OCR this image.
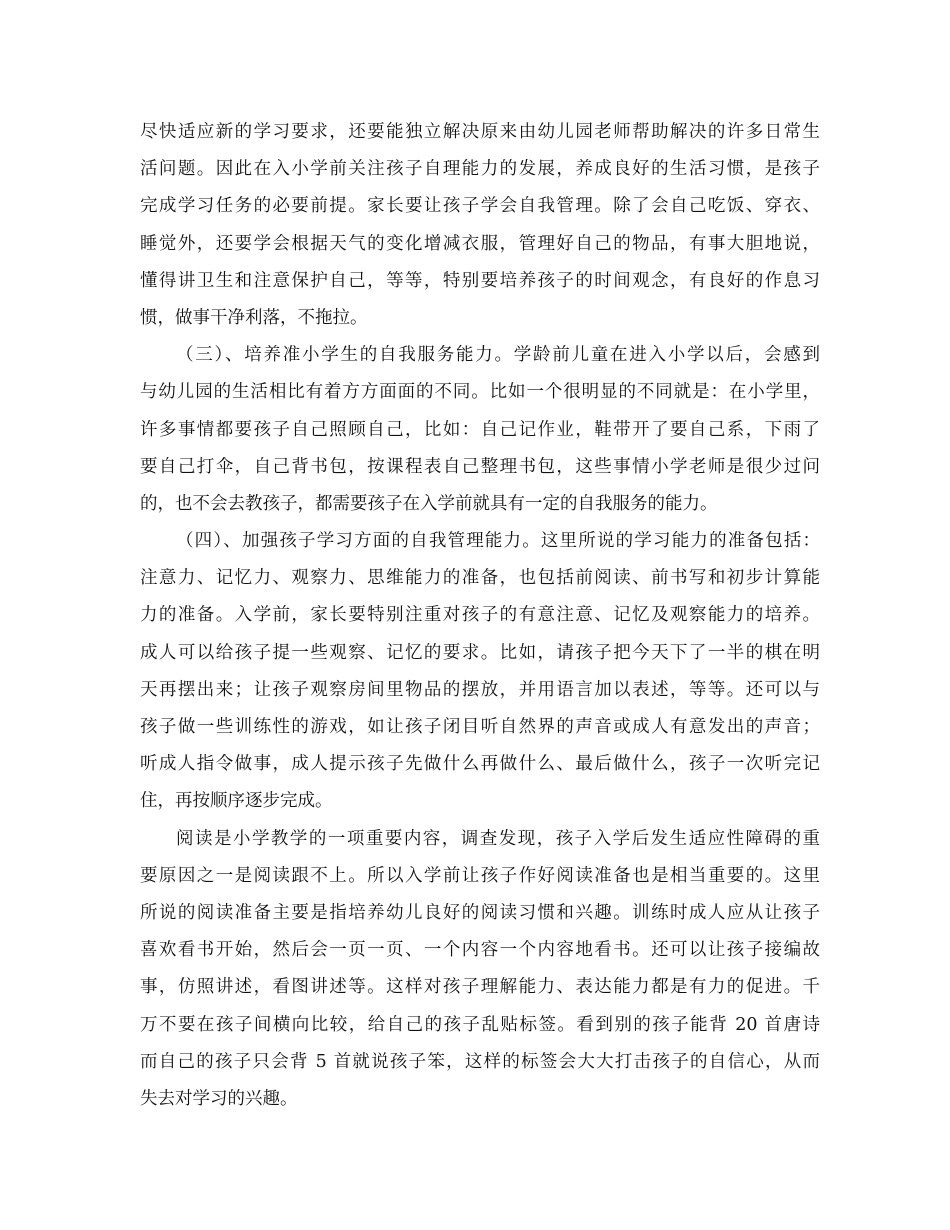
尽快适应新的学习要求，还要能独立解决原来由幼儿园老师帮助解决的许多日常生
活问题。因此在入小学前关注孩子自理能力的发展，养成良好的生活习惯，是孩子
完成学习任务的必要前提。家长要让孩子学会自我管理。除了会自己吃饭、穿衣、
睡觉外，还要学会根据天气的变化增减衣服，管理好自己的物品，有事大胆地说，
懂得讲卫生和注意保护自己，等等，特别要培养孩子的时间观念，有良好的作息习
惯，做事干净利落，不拖拉。
（三）、培养准小学生的自我服务能力。学龄前儿童在进入小学以后，会感到
与幼儿园的生活相比有着方方面面的不同。比如一个很明显的不同就是：在小学里，
许多事情都要孩子自己照顾自己，比如：自己记作业，鞋带开了要自己系，下雨了
要自己打伞，自己背书包，按课程表自己整理书包，这些事情小学老师是很少过问
的，也不会去教孩子，都需要孩子在入学前就具有一定的自我服务的能力。
（四）、加强孩子学习方面的自我管理能力。这里所说的学习能力的准备包括：
注意力、记忆力、观察力、思维能力的准备，也包括前阅读、前书写和初步计算能
力的准备。入学前，家长要特别注重对孩子的有意注意、记忆及观察能力的培养。
成人可以给孩子提一些观察、记忆的要求。比如，请孩子把今天下了一半的棋在明
天再摆出来；让孩子观察房间里物品的摆放，并用语言加以表述，等等。还可以与
孩子做一些训练性的游戏，如让孩子闭目听自然界的声音或成人有意发出的声音；
听成人指令做事，成人提示孩子先做什么再做什么、最后做什么，孩子一次听完记
住，再按顺序逐步完成。
阅读是小学教学的一项重要内容，调查发现，孩子入学后发生适应性障碍的重
要原因之一是阅读跟不上。所以入学前让孩子作好阅读准备也是相当重要的。这里
所说的阅读准备主要是指培养幼儿良好的阅读习惯和兴趣。训练时成人应从让孩子
喜欢看书开始，然后会一页一页、一个内容一个内容地看书。还可以让孩子接编故
事，仿照讲述，看图讲述等。这样对孩子理解能力、表达能力都是有力的促进。千
万不要在孩子间横向比较，给自己的孩子乱贴标签。看到别的孩子能背 20 首唐诗
而自己的孩子只会背 5 首就说孩子笨，这样的标签会大大打击孩子的自信心，从而
失去对学习的兴趣。
